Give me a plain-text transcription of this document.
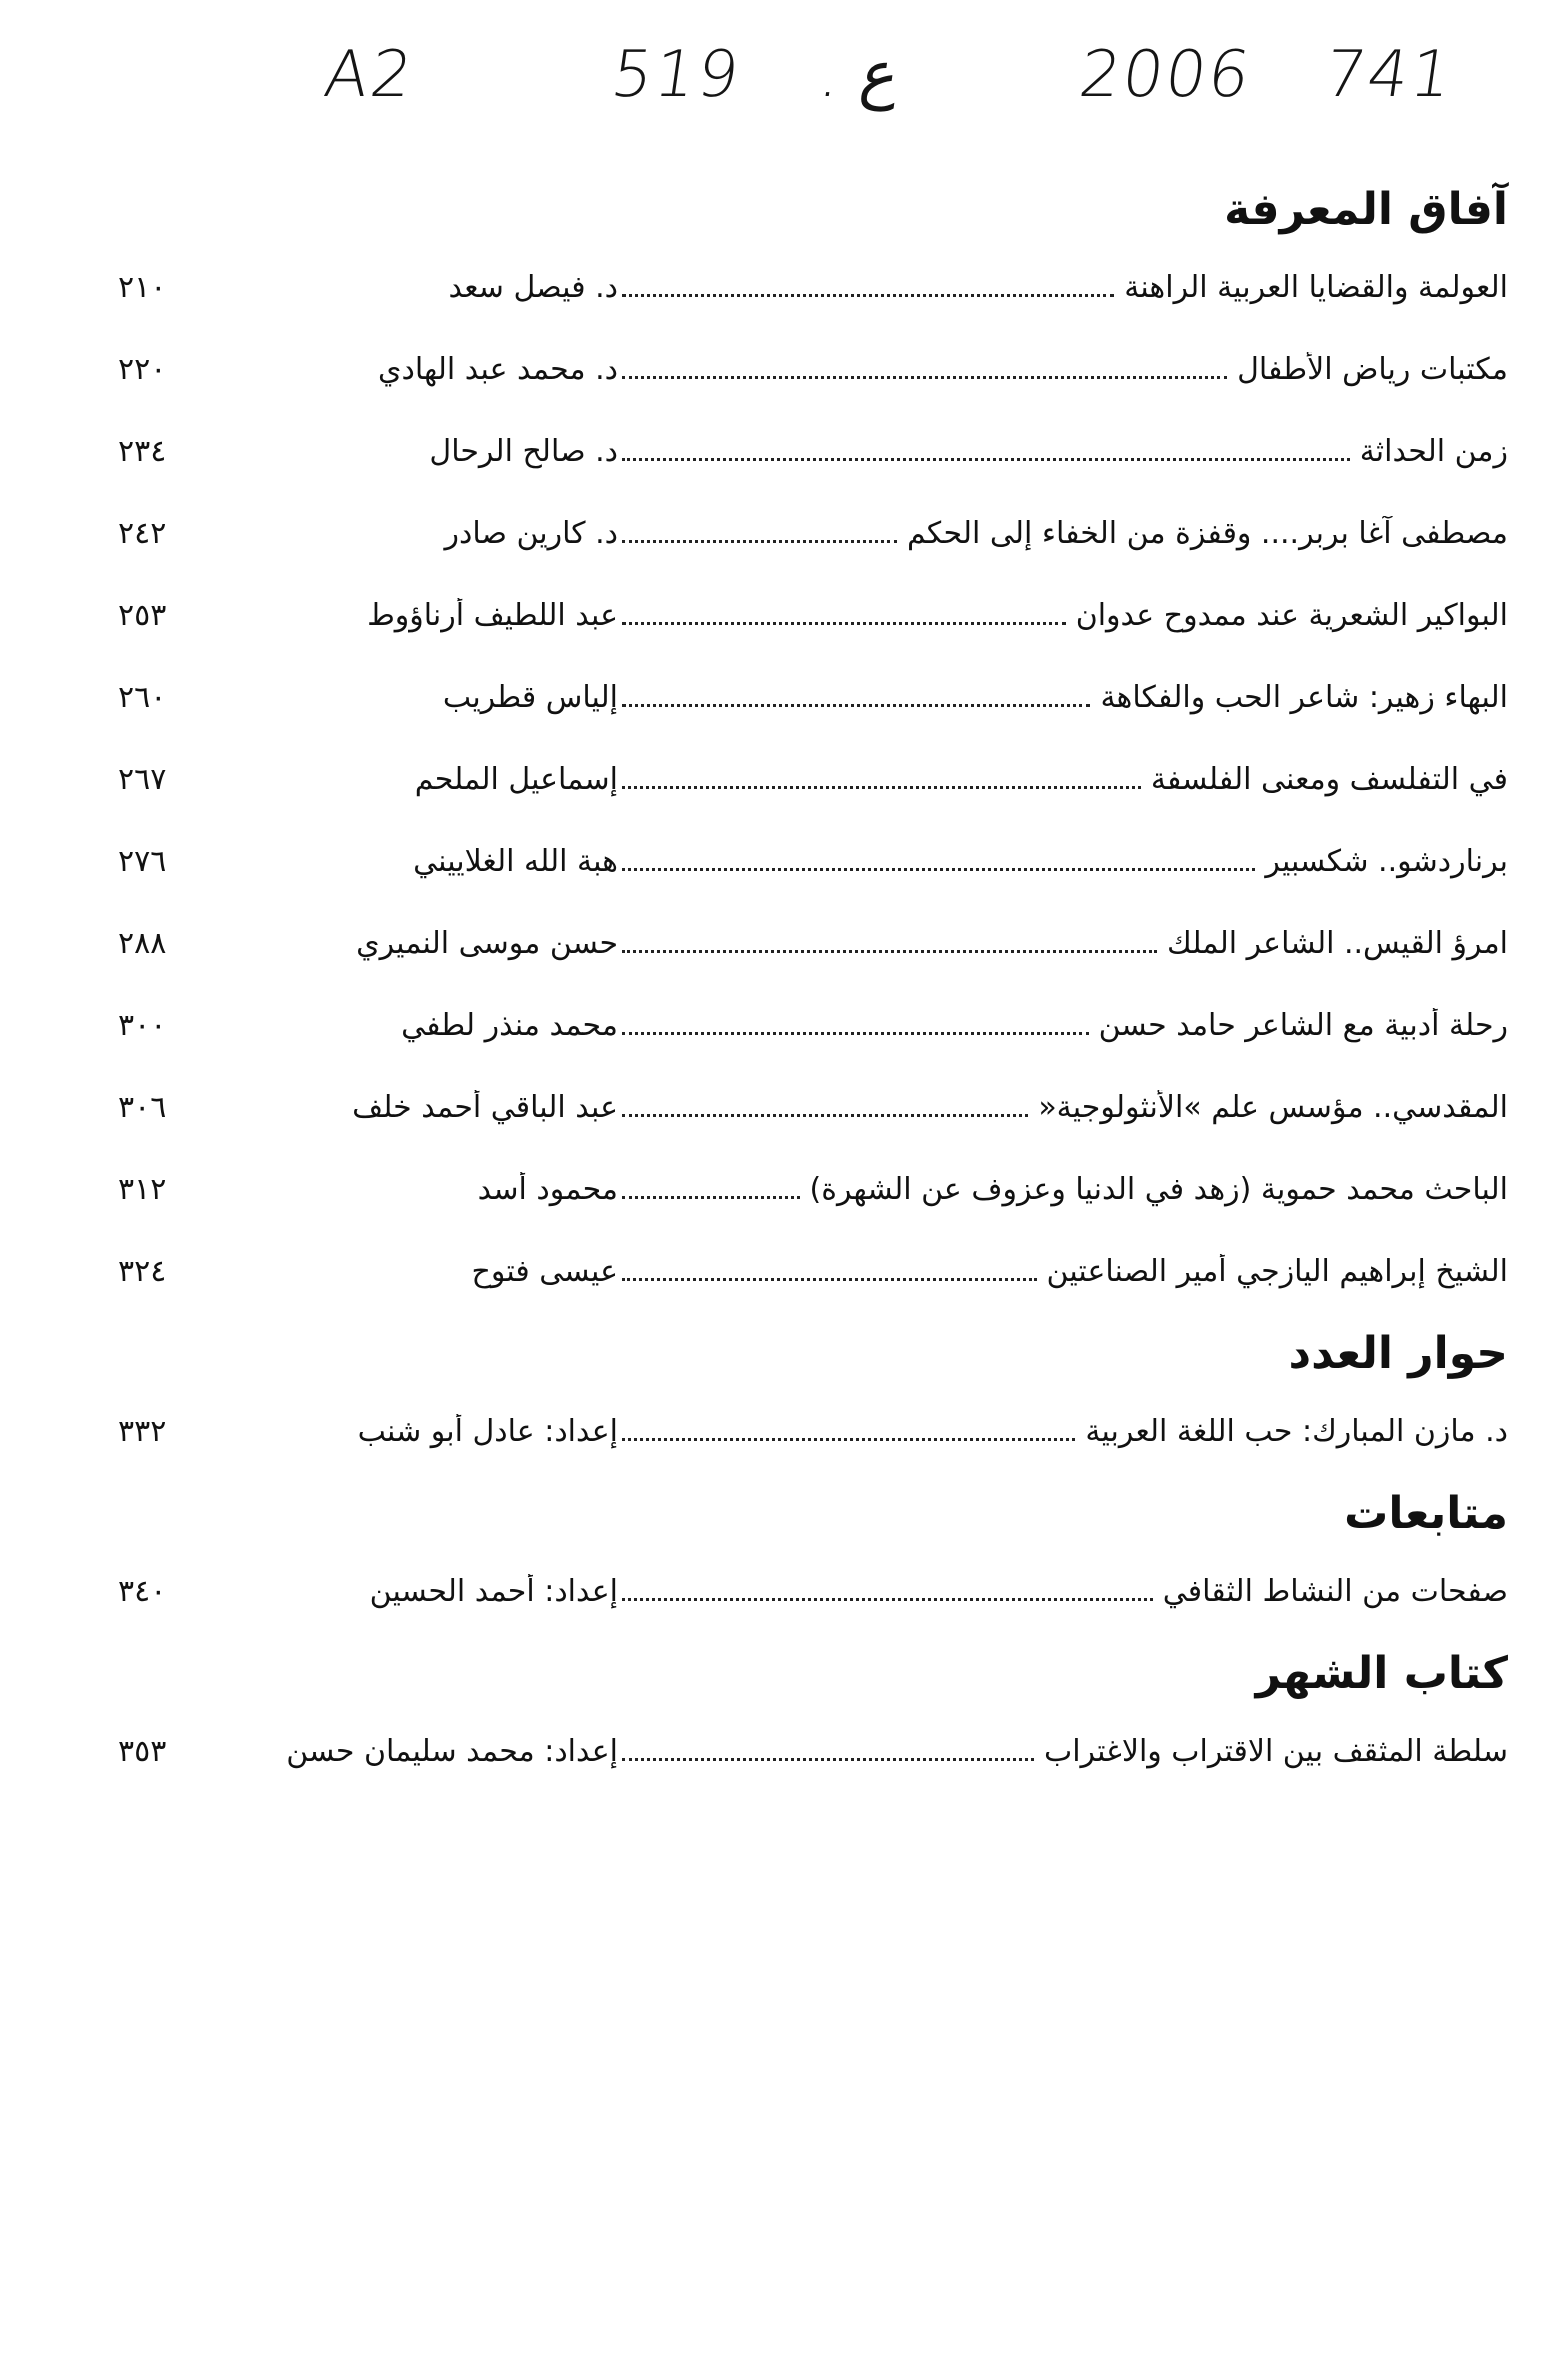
A2	519 . ع	2006 741
آفاق المعرفة
العولمة والقضايا العربية الراهنة
د. فيصل سعد
٢١٠
مكتبات رياض الأطفال
د. محمد عبد الهادي
٢٢٠
زمن الحداثة
د. صالح الرحال
٢٣٤
مصطفى آغا بربر.... وقفزة من الخفاء إلى الحكم
د. كارين صادر
٢٤٢
البواكير الشعرية عند ممدوح عدوان
عبد اللطيف أرناؤوط
٢٥٣
البهاء زهير: شاعر الحب والفكاهة
إلياس قطريب
٢٦٠
في التفلسف ومعنى الفلسفة
إسماعيل الملحم
٢٦٧
برناردشو.. شكسبير
هبة الله الغلاييني
٢٧٦
امرؤ القيس.. الشاعر الملك
حسن موسى النميري
٢٨٨
رحلة أدبية مع الشاعر حامد حسن
محمد منذر لطفي
٣٠٠
المقدسي.. مؤسس علم »الأنثولوجية«
عبد الباقي أحمد خلف
٣٠٦
الباحث محمد حموية (زهد في الدنيا وعزوف عن الشهرة)
محمود أسد
٣١٢
الشيخ إبراهيم اليازجي أمير الصناعتين
عيسى فتوح
٣٢٤
حوار العدد
د. مازن المبارك: حب اللغة العربية
إعداد: عادل أبو شنب
٣٣٢
متابعات
صفحات من النشاط الثقافي
إعداد: أحمد الحسين
٣٤٠
كتاب الشهر
سلطة المثقف بين الاقتراب والاغتراب
إعداد: محمد سليمان حسن
٣٥٣
